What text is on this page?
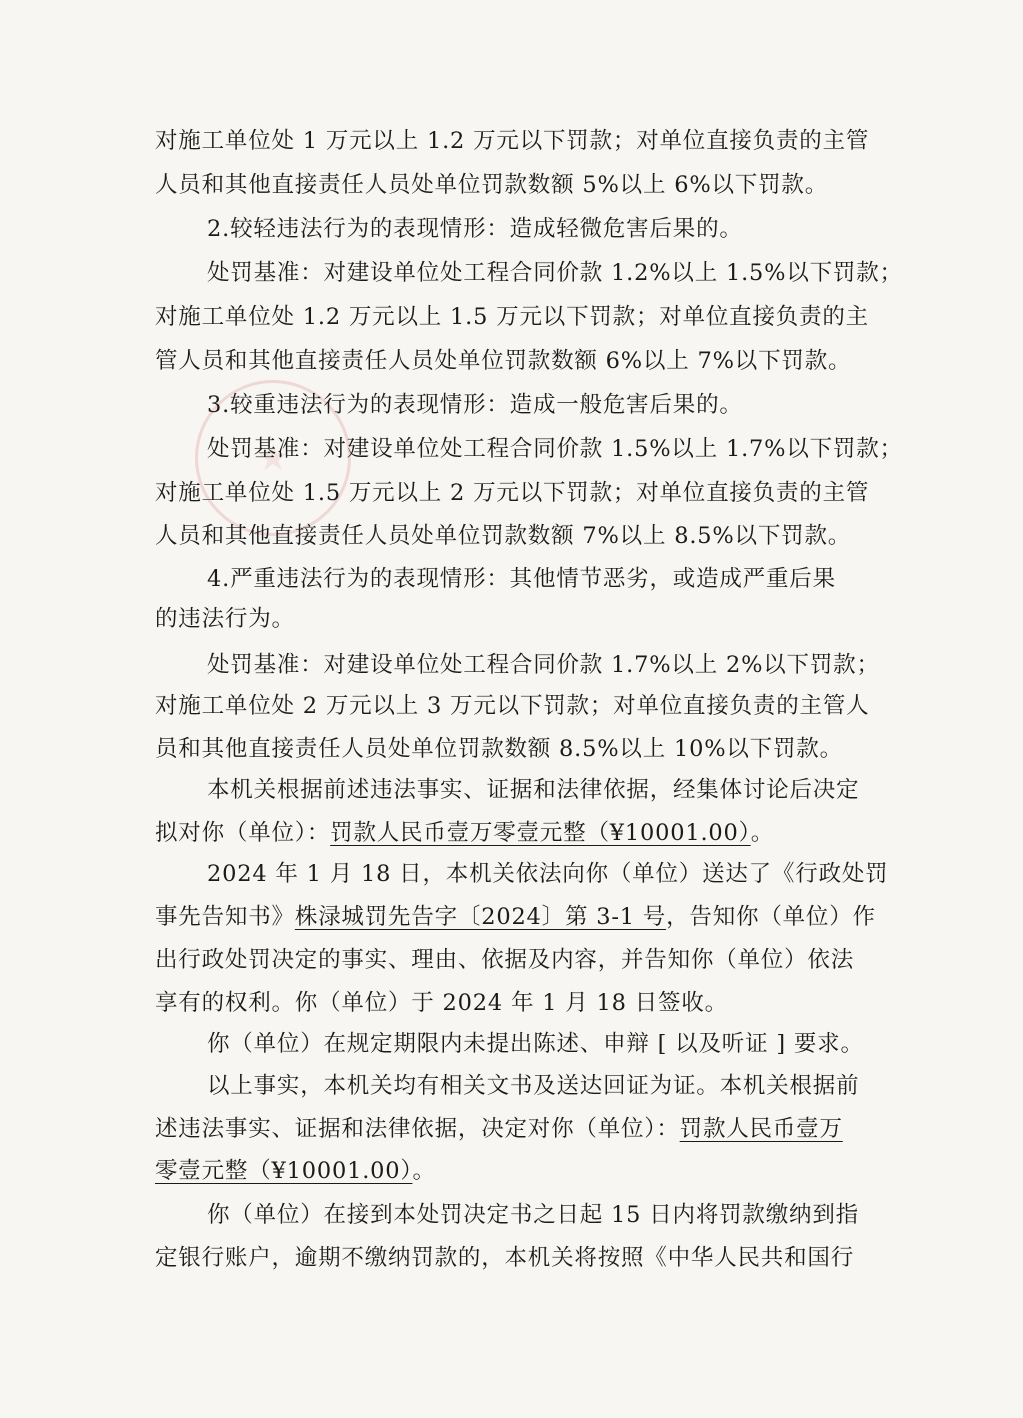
对施工单位处 1 万元以上 1.2 万元以下罚款；对单位直接负责的主管
人员和其他直接责任人员处单位罚款数额 5%以上 6%以下罚款。
2.较轻违法行为的表现情形：造成轻微危害后果的。
处罚基准：对建设单位处工程合同价款 1.2%以上 1.5%以下罚款；
对施工单位处 1.2 万元以上 1.5 万元以下罚款；对单位直接负责的主
管人员和其他直接责任人员处单位罚款数额 6%以上 7%以下罚款。
3.较重违法行为的表现情形：造成一般危害后果的。
处罚基准：对建设单位处工程合同价款 1.5%以上 1.7%以下罚款；
对施工单位处 1.5 万元以上 2 万元以下罚款；对单位直接负责的主管
人员和其他直接责任人员处单位罚款数额 7%以上 8.5%以下罚款。
4.严重违法行为的表现情形：其他情节恶劣，或造成严重后果
的违法行为。
处罚基准：对建设单位处工程合同价款 1.7%以上 2%以下罚款；
对施工单位处 2 万元以上 3 万元以下罚款；对单位直接负责的主管人
员和其他直接责任人员处单位罚款数额 8.5%以上 10%以下罚款。
本机关根据前述违法事实、证据和法律依据，经集体讨论后决定
拟对你（单位）：罚款人民币壹万零壹元整（¥10001.00）。
2024 年 1 月 18 日，本机关依法向你（单位）送达了《行政处罚
事先告知书》株渌城罚先告字〔2024〕第 3-1 号，告知你（单位）作
出行政处罚决定的事实、理由、依据及内容，并告知你（单位）依法
享有的权利。你（单位）于 2024 年 1 月 18 日签收。
你（单位）在规定期限内未提出陈述、申辩 [ 以及听证 ] 要求。
以上事实，本机关均有相关文书及送达回证为证。本机关根据前
述违法事实、证据和法律依据，决定对你（单位）：罚款人民币壹万
零壹元整（¥10001.00）。
你（单位）在接到本处罚决定书之日起 15 日内将罚款缴纳到指
定银行账户，逾期不缴纳罚款的，本机关将按照《中华人民共和国行
